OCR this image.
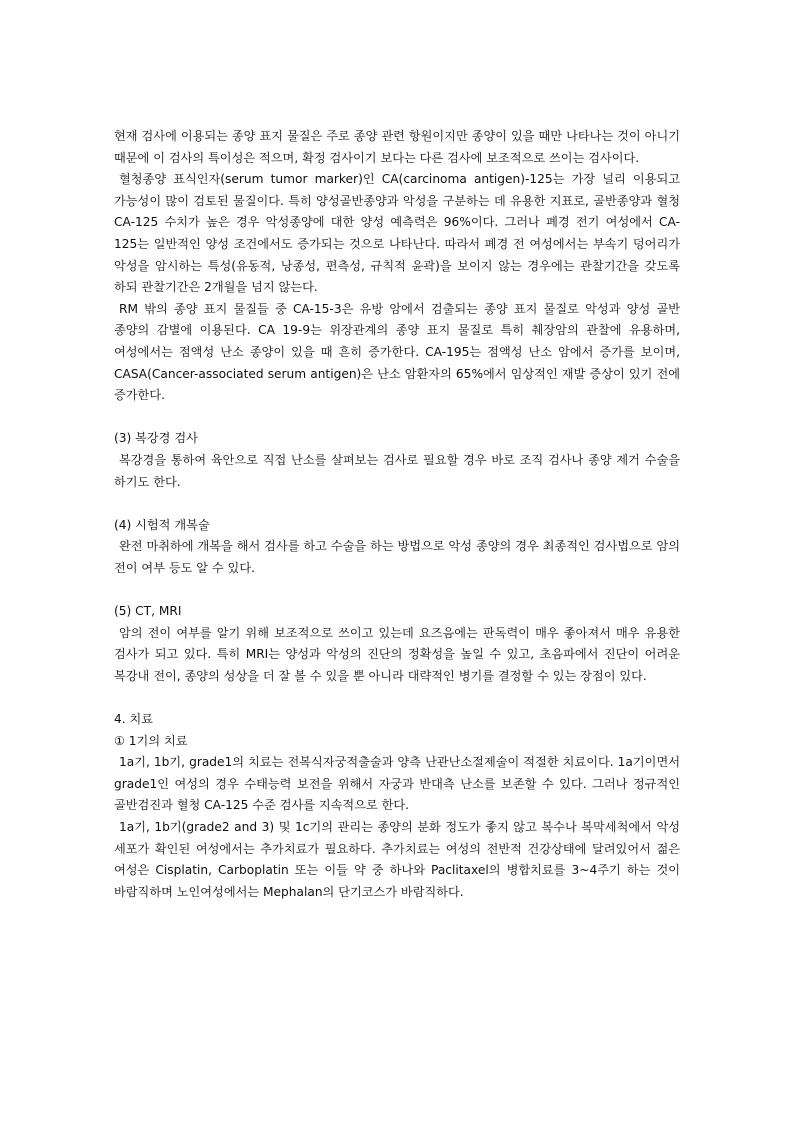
현재 검사에 이용되는 종양 표지 물질은 주로 종양 관련 항원이지만 종양이 있을 때만 나타나는 것이 아니기 때문에 이 검사의 특이성은 적으며, 확정 검사이기 보다는 다른 검사에 보조적으로 쓰이는 검사이다.

혈청종양 표식인자(serum tumor marker)인 CA(carcinoma antigen)-125는 가장 널리 이용되고 가능성이 많이 검토된 물질이다. 특히 양성골반종양과 악성을 구분하는 데 유용한 지표로, 골반종양과 혈청 CA-125 수치가 높은 경우 악성종양에 대한 양성 예측력은 96%이다. 그러나 폐경 전기 여성에서 CA-125는 일반적인 양성 조건에서도 증가되는 것으로 나타난다. 따라서 폐경 전 여성에서는 부속기 덩어리가 악성을 암시하는 특성(유동적, 낭종성, 편측성, 규칙적 윤곽)을 보이지 않는 경우에는 관찰기간을 갖도록 하되 관찰기간은 2개월을 넘지 않는다.

RM 밖의 종양 표지 물질들 중 CA-15-3은 유방 암에서 검출되는 종양 표지 물질로 악성과 양성 골반 종양의 감별에 이용된다. CA 19-9는 위장관계의 종양 표지 물질로 특히 췌장암의 관찰에 유용하며, 여성에서는 점액성 난소 종양이 있을 때 흔히 증가한다. CA-195는 점액성 난소 암에서 증가를 보이며, CASA(Cancer-associated serum antigen)은 난소 암환자의 65%에서 임상적인 재발 증상이 있기 전에 증가한다.

(3) 복강경 검사

복강경을 통하여 육안으로 직접 난소를 살펴보는 검사로 필요할 경우 바로 조직 검사나 종양 제거 수술을 하기도 한다.

(4) 시험적 개복술

완전 마취하에 개복을 해서 검사를 하고 수술을 하는 방법으로 악성 종양의 경우 최종적인 검사법으로 암의 전이 여부 등도 알 수 있다.

(5) CT, MRI

암의 전이 여부를 알기 위해 보조적으로 쓰이고 있는데 요즈음에는 판독력이 매우 좋아져서 매우 유용한 검사가 되고 있다. 특히 MRI는 양성과 악성의 진단의 정확성을 높일 수 있고, 초음파에서 진단이 어려운 복강내 전이, 종양의 성상을 더 잘 볼 수 있을 뿐 아니라 대략적인 병기를 결정할 수 있는 장점이 있다.

4. 치료

① 1기의 치료

1a기, 1b기, grade1의 치료는 전복식자궁적출술과 양측 난관난소절제술이 적절한 치료이다. 1a기이면서 grade1인 여성의 경우 수태능력 보전을 위해서 자궁과 반대측 난소를 보존할 수 있다. 그러나 정규적인 골반검진과 혈청 CA-125 수준 검사를 지속적으로 한다.

1a기, 1b기(grade2 and 3) 및 1c기의 관리는 종양의 분화 정도가 좋지 않고 복수나 복막세척에서 악성 세포가 확인된 여성에서는 추가치료가 필요하다. 추가치료는 여성의 전반적 건강상태에 달려있어서 젊은 여성은 Cisplatin, Carboplatin 또는 이들 약 중 하나와 Paclitaxel의 병합치료를 3~4주기 하는 것이 바람직하며 노인여성에서는 Mephalan의 단기코스가 바람직하다.
